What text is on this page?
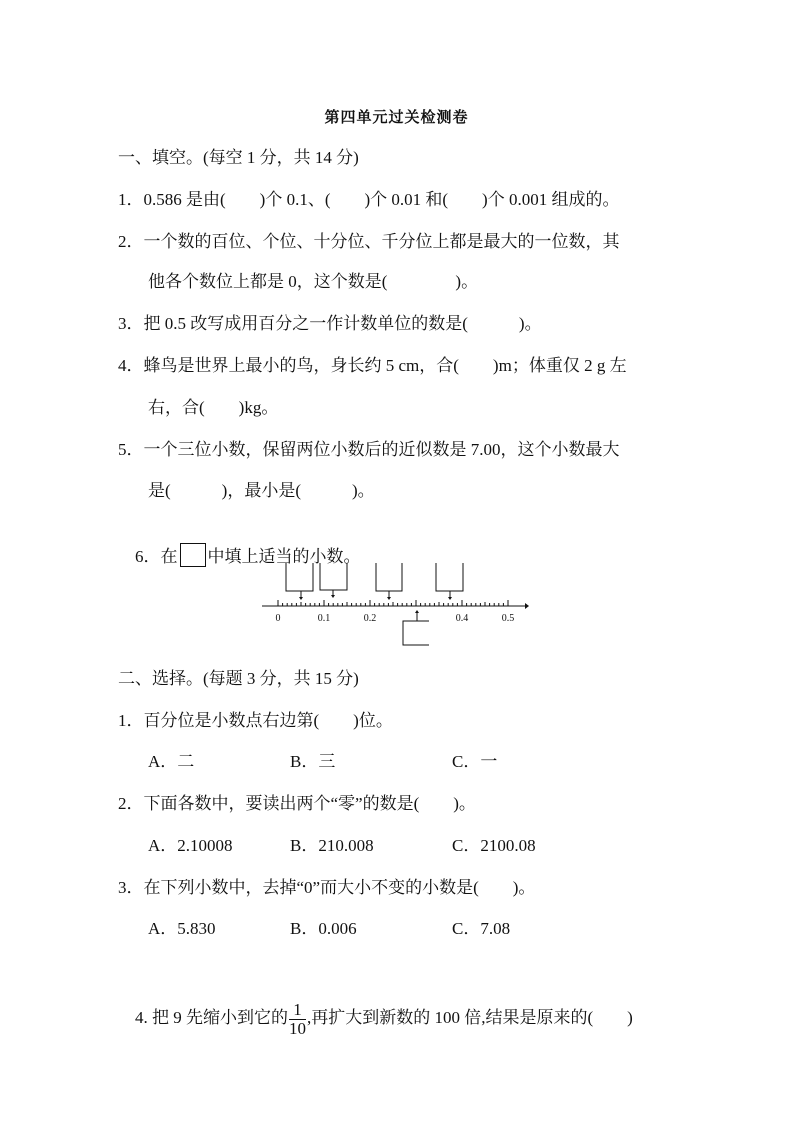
第四单元过关检测卷
一、填空。(每空 1 分，共 14 分)
1．0.586 是由(　　)个 0.1、(　　)个 0.01 和(　　)个 0.001 组成的。
2．一个数的百位、个位、十分位、千分位上都是最大的一位数，其
他各个数位上都是 0，这个数是(　　　　)。
3．把 0.5 改写成用百分之一作计数单位的数是(　　　)。
4．蜂鸟是世界上最小的鸟，身长约 5 cm，合(　　)m；体重仅 2 g 左
右，合(　　)kg。
5．一个三位小数，保留两位小数后的近似数是 7.00，这个小数最大
是(　　　)，最小是(　　　)。

6．在 中填上适当的小数。

0	0.1	0.2	0.4	0.5
二、选择。(每题 3 分，共 15 分)
1．百分位是小数点右边第(　　)位。
A．二	B．三	C．一
2．下面各数中，要读出两个“零”的数是(　　)。
A．2.10008	B．210.008	C．2100.08
3．在下列小数中，去掉“0”而大小不变的小数是(　　)。
A．5.830	B．0.006	C．7.08

4. 把 9 先缩小到它的 $\frac{1}{10}$ ,再扩大到新数的 100 倍,结果是原来的(　　)
